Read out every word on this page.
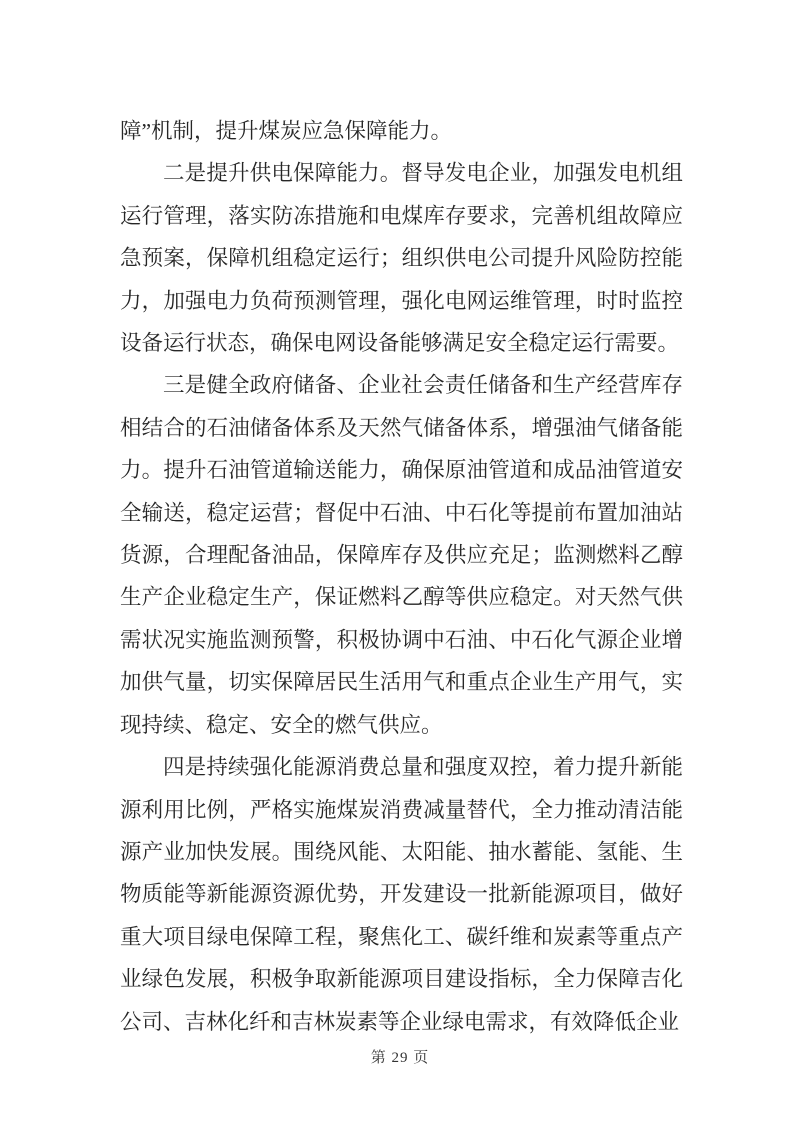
障”机制，提升煤炭应急保障能力。

二是提升供电保障能力。督导发电企业，加强发电机组运行管理，落实防冻措施和电煤库存要求，完善机组故障应急预案，保障机组稳定运行；组织供电公司提升风险防控能力，加强电力负荷预测管理，强化电网运维管理，时时监控设备运行状态，确保电网设备能够满足安全稳定运行需要。

三是健全政府储备、企业社会责任储备和生产经营库存相结合的石油储备体系及天然气储备体系，增强油气储备能力。提升石油管道输送能力，确保原油管道和成品油管道安全输送，稳定运营；督促中石油、中石化等提前布置加油站货源，合理配备油品，保障库存及供应充足；监测燃料乙醇生产企业稳定生产，保证燃料乙醇等供应稳定。对天然气供需状况实施监测预警，积极协调中石油、中石化气源企业增加供气量，切实保障居民生活用气和重点企业生产用气，实现持续、稳定、安全的燃气供应。

四是持续强化能源消费总量和强度双控，着力提升新能源利用比例，严格实施煤炭消费减量替代，全力推动清洁能源产业加快发展。围绕风能、太阳能、抽水蓄能、氢能、生物质能等新能源资源优势，开发建设一批新能源项目，做好重大项目绿电保障工程，聚焦化工、碳纤维和炭素等重点产业绿色发展，积极争取新能源项目建设指标，全力保障吉化公司、吉林化纤和吉林炭素等企业绿电需求，有效降低企业

第 29 页
